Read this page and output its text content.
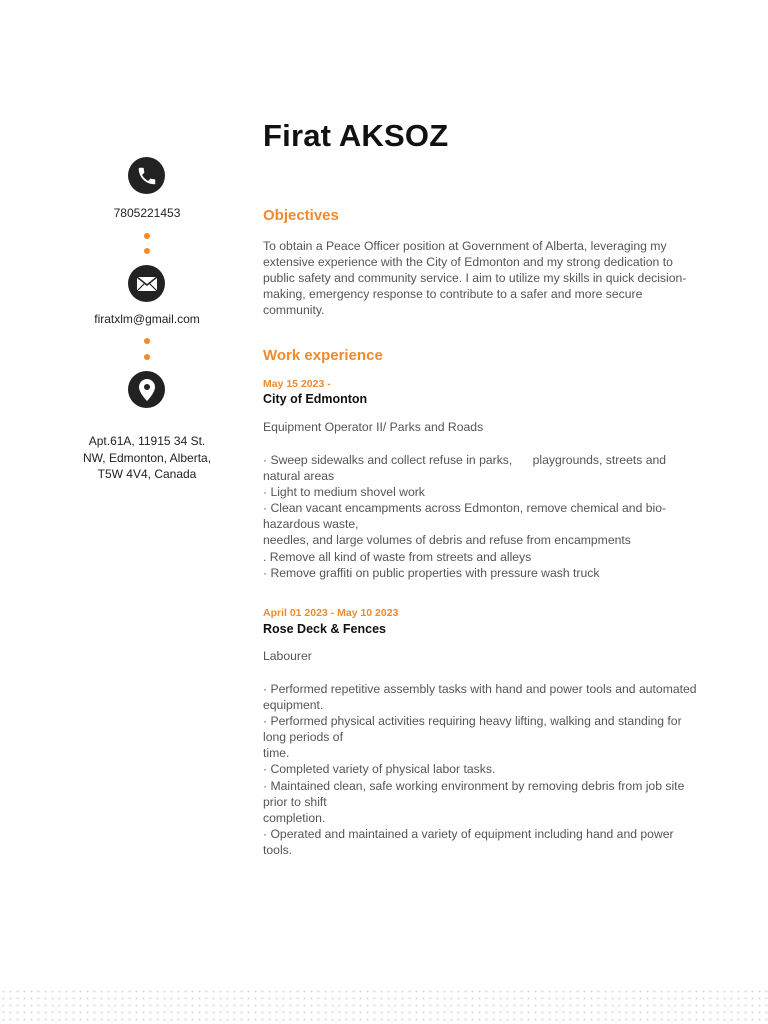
Firat AKSOZ
7805221453
firatxlm@gmail.com
Apt.61A, 11915 34 St.
NW, Edmonton, Alberta,
T5W 4V4, Canada
Objectives

To obtain a Peace Officer position at Government of Alberta, leveraging my extensive experience with the City of Edmonton and my strong dedication to public safety and community service. I aim to utilize my skills in quick decision-making, emergency response to contribute to a safer and more secure community.

Work experience
May 15 2023 -
City of Edmonton
Equipment Operator II/ Parks and Roads
· Sweep sidewalks and collect refuse in parks,      playgrounds, streets and natural areas
· Light to medium shovel work
· Clean vacant encampments across Edmonton, remove chemical and bio-hazardous waste,
needles, and large volumes of debris and refuse from encampments
. Remove all kind of waste from streets and alleys
· Remove graffiti on public properties with pressure wash truck
April 01 2023 - May 10 2023
Rose Deck & Fences
Labourer
· Performed repetitive assembly tasks with hand and power tools and automated equipment.
· Performed physical activities requiring heavy lifting, walking and standing for long periods of
time.
· Completed variety of physical labor tasks.
· Maintained clean, safe working environment by removing debris from job site prior to shift
completion.
· Operated and maintained a variety of equipment including hand and power tools.
